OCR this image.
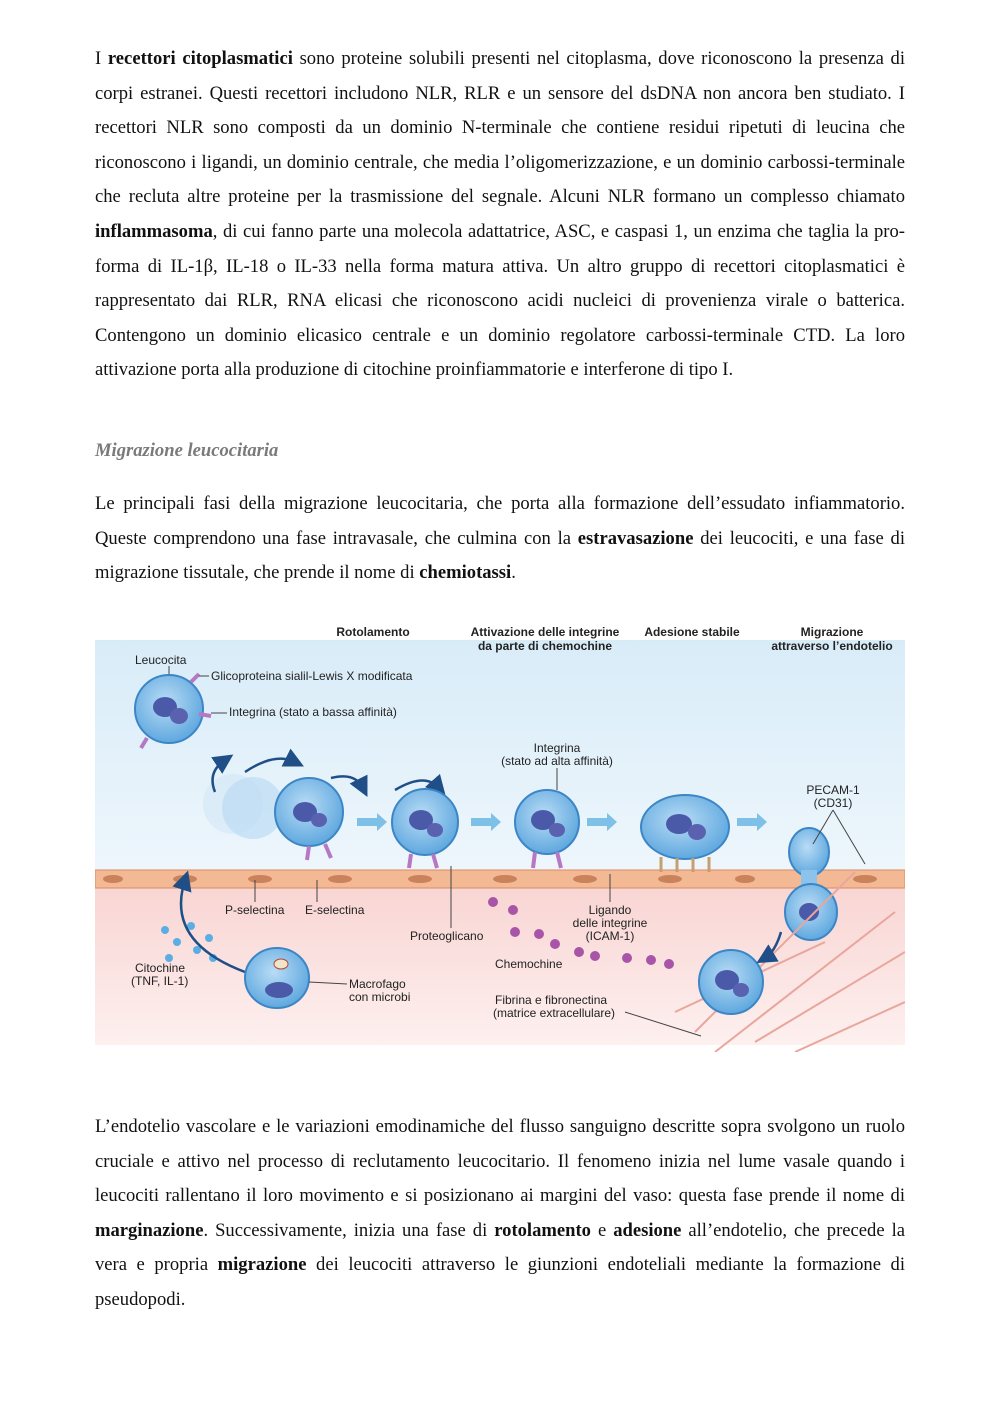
I recettori citoplasmatici sono proteine solubili presenti nel citoplasma, dove riconoscono la presenza di corpi estranei. Questi recettori includono NLR, RLR e un sensore del dsDNA non ancora ben studiato. I recettori NLR sono composti da un dominio N-terminale che contiene residui ripetuti di leucina che riconoscono i ligandi, un dominio centrale, che media l’oligomerizzazione, e un dominio carbossi-terminale che recluta altre proteine per la trasmissione del segnale. Alcuni NLR formano un complesso chiamato inflammasoma, di cui fanno parte una molecola adattatrice, ASC, e caspasi 1, un enzima che taglia la pro-forma di IL-1β, IL-18 o IL-33 nella forma matura attiva. Un altro gruppo di recettori citoplasmatici è rappresentato dai RLR, RNA elicasi che riconoscono acidi nucleici di provenienza virale o batterica. Contengono un dominio elicasico centrale e un dominio regolatore carbossi-terminale CTD. La loro attivazione porta alla produzione di citochine proinfiammatorie e interferone di tipo I.

Migrazione leucocitaria

Le principali fasi della migrazione leucocitaria, che porta alla formazione dell’essudato infiammatorio. Queste comprendono una fase intravasale, che culmina con la estravasazione dei leucociti, e una fase di migrazione tissutale, che prende il nome di chemiotassi.

Rotolamento	Attivazione delle integrine
da parte di chemochine
Adesione stabile	Migrazione
attraverso l’endotelio
Leucocita
Glicoproteina sialil-Lewis X modificata
Integrina (stato a bassa affinità)
Integrina
(stato ad alta affinità)
PECAM-1
(CD31)
P-selectina E-selectina
Proteoglicano
Ligando
delle integrine
(ICAM-1)
Chemochine
Citochine
(TNF, IL-1)	Macrofago
con microbi	Fibrina e fibronectina
(matrice extracellulare)

L’endotelio vascolare e le variazioni emodinamiche del flusso sanguigno descritte sopra svolgono un ruolo cruciale e attivo nel processo di reclutamento leucocitario. Il fenomeno inizia nel lume vasale quando i leucociti rallentano il loro movimento e si posizionano ai margini del vaso: questa fase prende il nome di marginazione. Successivamente, inizia una fase di rotolamento e adesione all’endotelio, che precede la vera e propria migrazione dei leucociti attraverso le giunzioni endoteliali mediante la formazione di pseudopodi.
